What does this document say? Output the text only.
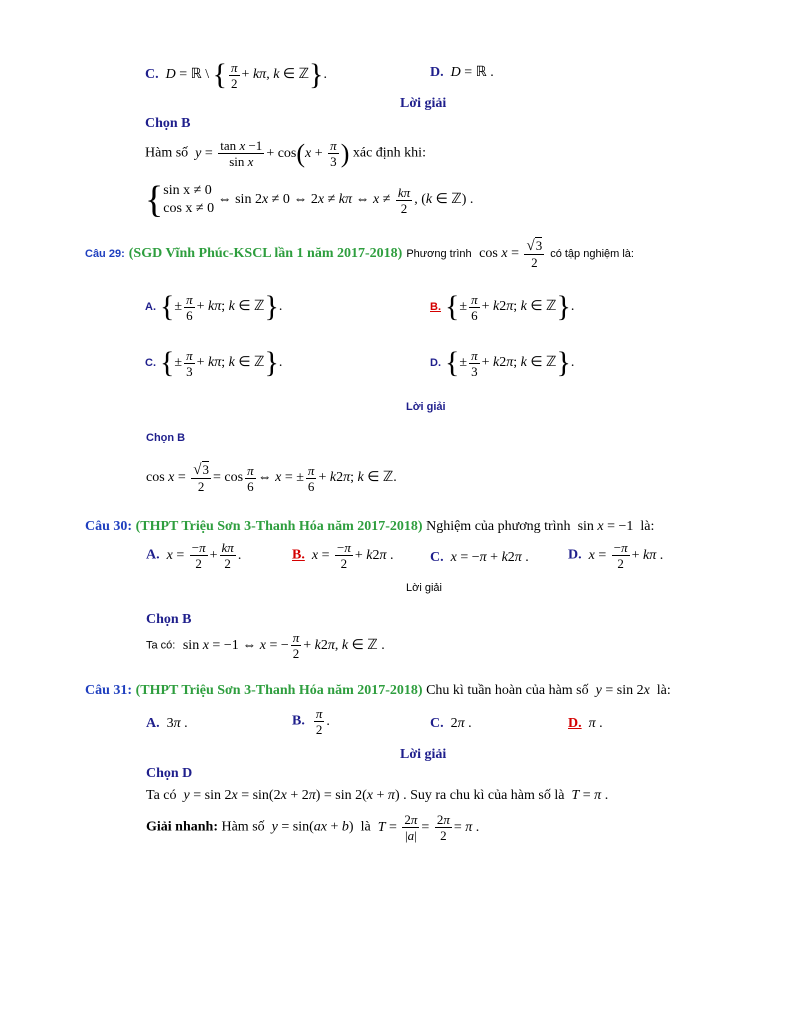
C. D = ℝ \ { $\frac{\pi}{2} + k\pi$, k ∈ ℤ}.	D. D = ℝ .
Lời giải
Chọn B
Hàm số $y = \frac{\text{tan x −1}}{\text{sin x}} + \cos(x + \frac{\pi}{3}$ ) xác định khi:
{ sin x ≠ 0
cos x ≠ 0
⇔ sin 2x ≠ 0 ⇔ 2x ≠ kπ ⇔ $x \ne \frac{k\pi}{2}$ , (k ∈ ℤ) .
Câu 29: (SGD Vĩnh Phúc-KSCL lần 1 năm 2017-2018) Phương trình  $\cos x = \frac{√3}{2}$ có tập nghiệm là:
A. {± $\frac{\pi}{6} + k\pi$; k ∈ ℤ}.	B. {± $\frac{\pi}{6} + k2\pi$; k ∈ ℤ}.
C. {± $\frac{\pi}{3} + k\pi$; k ∈ ℤ}.	D. {± $\frac{\pi}{3} + k2\pi$; k ∈ ℤ}.
Lời giải
Chọn B
$\cos x = \frac{√3}{2} = \cos \frac{\pi}{6}$ ⇔ x = ± $\frac{\pi}{6} + k2\pi$; k ∈ ℤ.
Câu 30: (THPT Triệu Sơn 3-Thanh Hóa năm 2017-2018) Nghiệm của phương trình  sin x = −1  là:
A. $x = \frac{-\pi}{2} + \frac{k\pi}{2}$ .	B. $x = \frac{-\pi}{2} + k2\pi$ .	C. x = −π + k2π .	D. $x = \frac{-\pi}{2} + k\pi$ .
Lời giải
Chọn B
Ta có:  sin x = −1 ⇔ x = − $\frac{\pi}{2} + k2\pi$, k ∈ ℤ .
Câu 31: (THPT Triệu Sơn 3-Thanh Hóa năm 2017-2018) Chu kì tuần hoàn của hàm số y = sin 2x là:
A.  3π .	B. $\frac{\pi}{2}$ .	C.  2π .	D. π .
Lời giải
Chọn D
Ta có y = sin 2x = sin(2x + 2π) = sin 2(x + π) . Suy ra chu kì của hàm số là T = π .
Giải nhanh: Hàm số y = sin(ax + b)  là $T = \frac{2\pi}{|a|} = \frac{2\pi}{2} = \pi$ .
